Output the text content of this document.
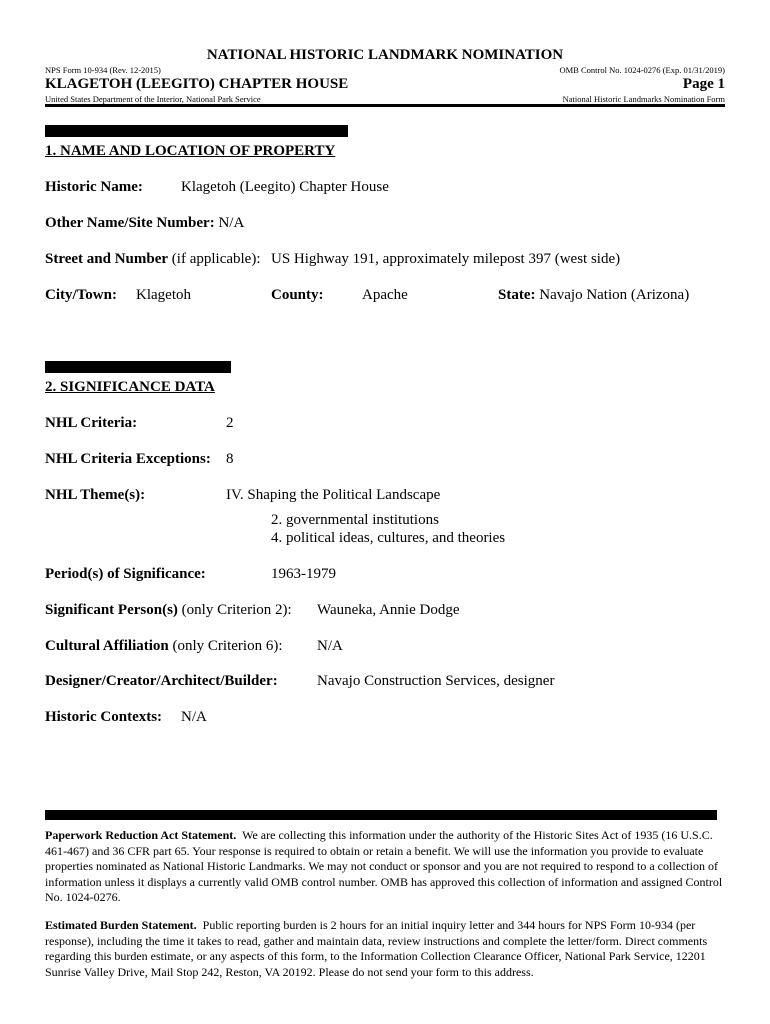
NATIONAL HISTORIC LANDMARK NOMINATION
NPS Form 10-934 (Rev. 12-2015)	OMB Control No. 1024-0276 (Exp. 01/31/2019)
KLAGETOH (LEEGITO) CHAPTER HOUSE	Page 1
United States Department of the Interior, National Park Service	National Historic Landmarks Nomination Form
1. NAME AND LOCATION OF PROPERTY
Historic Name:	Klagetoh (Leegito) Chapter House
Other Name/Site Number: N/A
Street and Number (if applicable): US Highway 191, approximately milepost 397 (west side)
City/Town: Klagetoh	County:	Apache	State: Navajo Nation (Arizona)
2. SIGNIFICANCE DATA
NHL Criteria:	2
NHL Criteria Exceptions: 8
NHL Theme(s):	IV. Shaping the Political Landscape
2. governmental institutions
4. political ideas, cultures, and theories
Period(s) of Significance:	1963-1979
Significant Person(s) (only Criterion 2): Wauneka, Annie Dodge
Cultural Affiliation (only Criterion 6): N/A
Designer/Creator/Architect/Builder:	Navajo Construction Services, designer
Historic Contexts: N/A

Paperwork Reduction Act Statement. We are collecting this information under the authority of the Historic Sites Act of 1935 (16 U.S.C. 461-467) and 36 CFR part 65. Your response is required to obtain or retain a benefit. We will use the information you provide to evaluate properties nominated as National Historic Landmarks. We may not conduct or sponsor and you are not required to respond to a collection of information unless it displays a currently valid OMB control number. OMB has approved this collection of information and assigned Control No. 1024-0276.

Estimated Burden Statement. Public reporting burden is 2 hours for an initial inquiry letter and 344 hours for NPS Form 10-934 (per response), including the time it takes to read, gather and maintain data, review instructions and complete the letter/form. Direct comments regarding this burden estimate, or any aspects of this form, to the Information Collection Clearance Officer, National Park Service, 12201 Sunrise Valley Drive, Mail Stop 242, Reston, VA 20192. Please do not send your form to this address.
